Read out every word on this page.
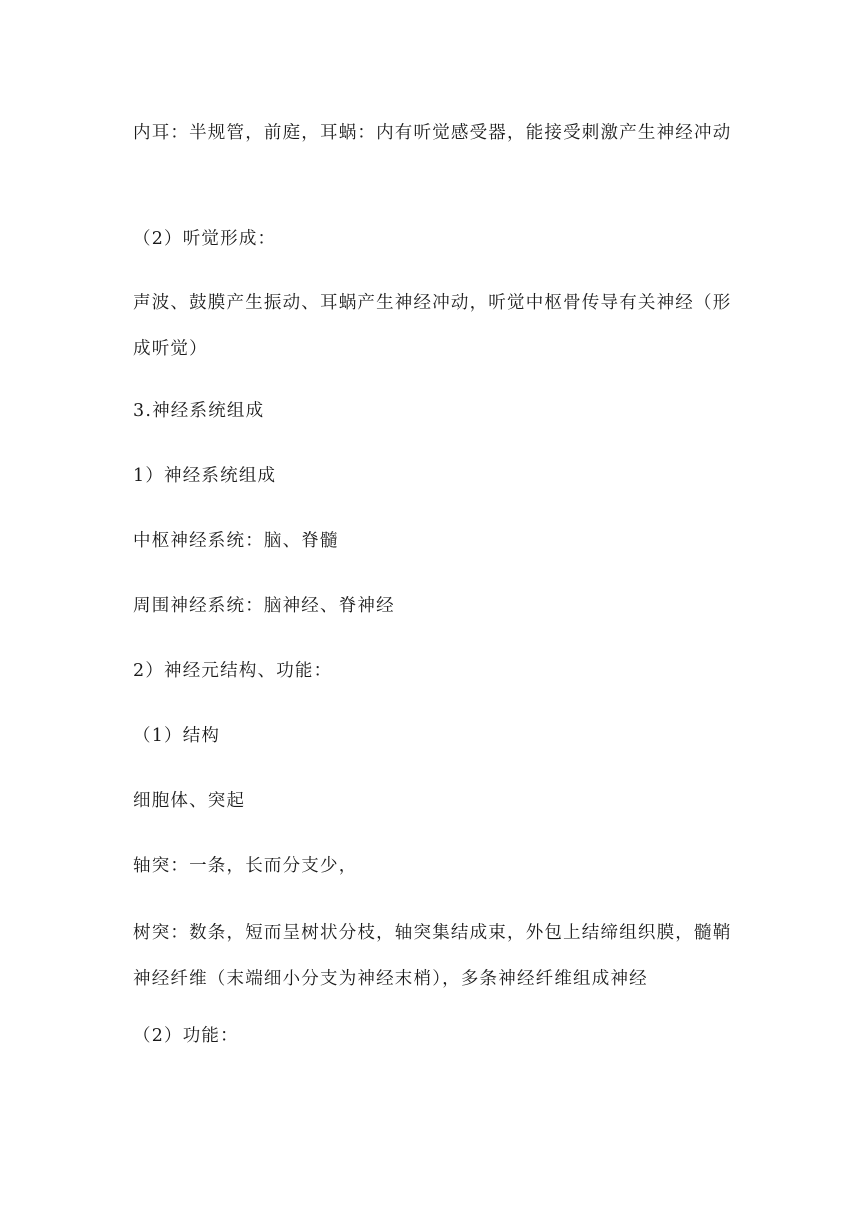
内耳：半规管，前庭，耳蜗：内有听觉感受器，能接受刺激产生神经冲动

（2）听觉形成：

声波、鼓膜产生振动、耳蜗产生神经冲动，听觉中枢骨传导有关神经（形成听觉）

3.神经系统组成

1）神经系统组成

中枢神经系统：脑、脊髓

周围神经系统：脑神经、脊神经

2）神经元结构、功能：

（1）结构

细胞体、突起

轴突：一条，长而分支少，

树突：数条，短而呈树状分枝，轴突集结成束，外包上结缔组织膜，髓鞘神经纤维（末端细小分支为神经末梢），多条神经纤维组成神经

（2）功能：
